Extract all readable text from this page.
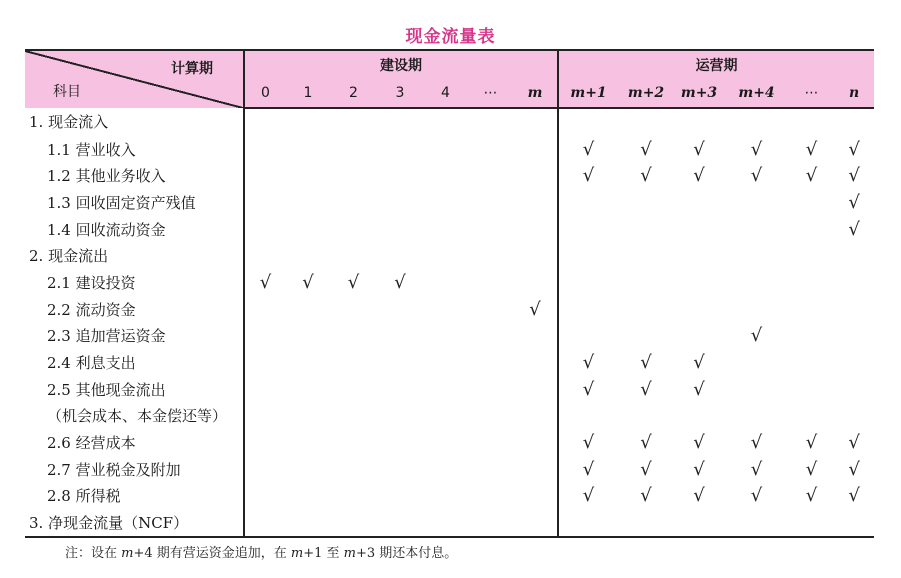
现金流量表
计算期
科目	建设期							运营期					
	0	1	2	3	4	⋯	m	m+1	m+2	m+3	m+4	⋯	n
1. 现金流入													
1.1 营业收入								√	√	√	√	√	√
1.2 其他业务收入								√	√	√	√	√	√
1.3 回收固定资产残值													√
1.4 回收流动资金													√
2. 现金流出													
2.1 建设投资	√	√	√	√									
2.2 流动资金							√						
2.3 追加营运资金											√		
2.4 利息支出								√	√	√			
2.5 其他现金流出								√	√	√			
（机会成本、本金偿还等）													
2.6 经营成本								√	√	√	√	√	√
2.7 营业税金及附加								√	√	√	√	√	√
2.8 所得税								√	√	√	√	√	√
3. 净现金流量（NCF）													
注：设在 m+4 期有营运资金追加，在 m+1 至 m+3 期还本付息。
